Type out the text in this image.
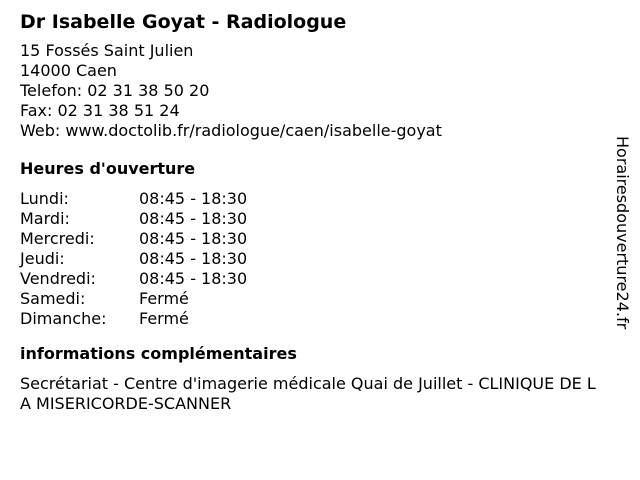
Dr Isabelle Goyat - Radiologue
15 Fossés Saint Julien
14000 Caen
Telefon: 02 31 38 50 20
Fax: 02 31 38 51 24
Web: www.doctolib.fr/radiologue/caen/isabelle-goyat
Heures d'ouverture
Lundi:	08:45 - 18:30
Mardi:	08:45 - 18:30
Mercredi:	08:45 - 18:30
Jeudi:	08:45 - 18:30
Vendredi:	08:45 - 18:30
Samedi:	Fermé
Dimanche:	Fermé
informations complémentaires
Secrétariat - Centre d'imagerie médicale Quai de Juillet - CLINIQUE DE LA MISERICORDE-SCANNER
Horairesdouverture24.fr
